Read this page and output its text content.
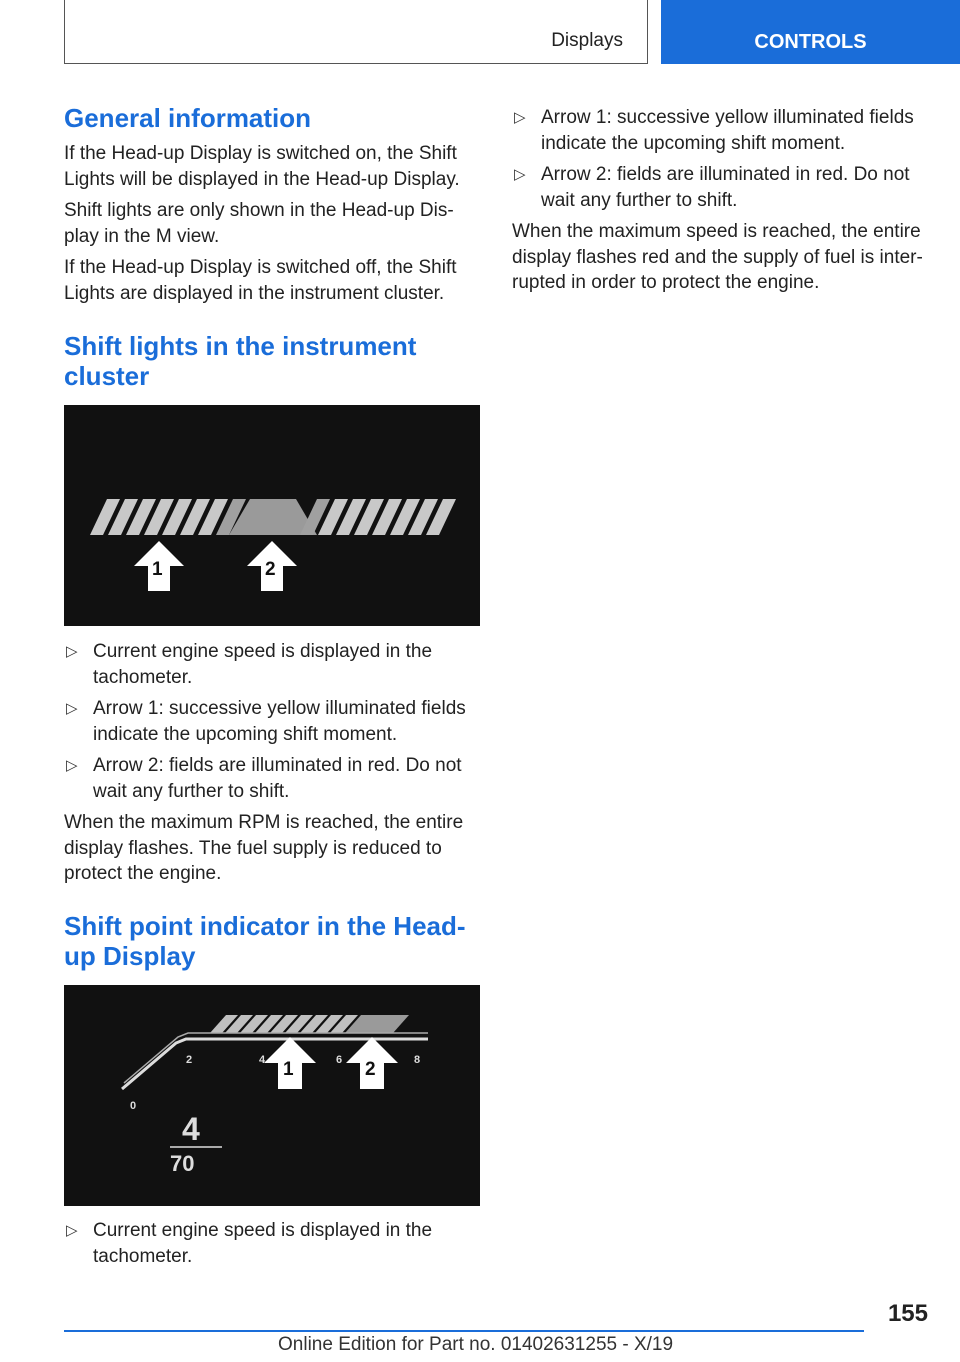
Displays	CONTROLS
General information

If the Head-up Display is switched on, the Shift Lights will be displayed in the Head-up Display.

Shift lights are only shown in the Head-up Dis‐play in the M view.

If the Head-up Display is switched off, the Shift Lights are displayed in the instrument cluster.

Shift lights in the instrument cluster
1	2
▷ Current engine speed is displayed in the tachometer.
▷ Arrow 1: successive yellow illuminated fields indicate the upcoming shift moment.
▷ Arrow 2: fields are illuminated in red. Do not wait any further to shift.

When the maximum RPM is reached, the entire display flashes. The fuel supply is reduced to protect the engine.

Shift point indicator in the Head-up Display
0
2	4	6	8
1	2
4
70
▷ Current engine speed is displayed in the tachometer.
▷ Arrow 1: successive yellow illuminated fields indicate the upcoming shift moment.
▷ Arrow 2: fields are illuminated in red. Do not wait any further to shift.

When the maximum speed is reached, the entire display flashes red and the supply of fuel is inter‐rupted in order to protect the engine.

155
Online Edition for Part no. 01402631255 - X/19
